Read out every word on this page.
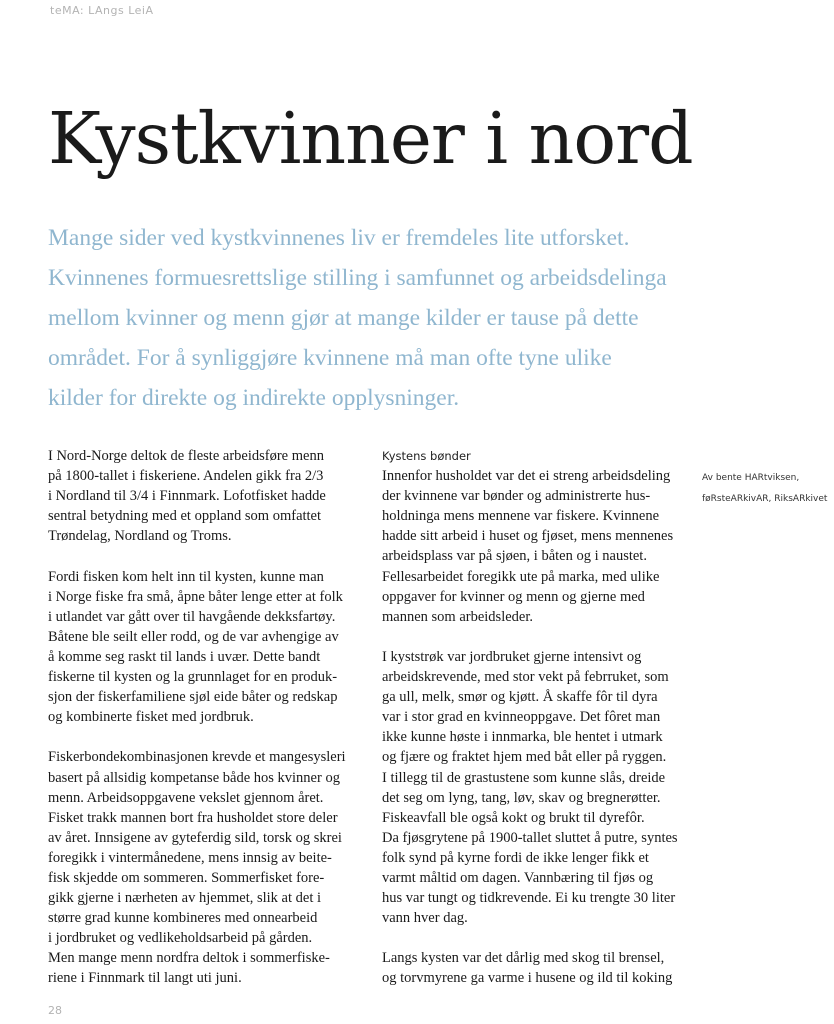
teMA: LAngs LeiA
Kystkvinner i nord
Mange sider ved kystkvinnenes liv er fremdeles lite utforsket.
Kvinnenes formuesrettslige stilling i samfunnet og arbeidsdelinga
mellom kvinner og menn gjør at mange kilder er tause på dette
området. For å synliggjøre kvinnene må man ofte tyne ulike
kilder for direkte og indirekte opplysninger.
I Nord-Norge deltok de fleste arbeidsføre menn
på 1800-tallet i fiskeriene. Andelen gikk fra 2/3
i Nordland til 3/4 i Finnmark. Lofotfisket hadde
sentral betydning med et oppland som omfattet
Trøndelag, Nordland og Troms.
Fordi fisken kom helt inn til kysten, kunne man
i Norge fiske fra små, åpne båter lenge etter at folk
i utlandet var gått over til havgående dekksfartøy.
Båtene ble seilt eller rodd, og de var avhengige av
å komme seg raskt til lands i uvær. Dette bandt
fiskerne til kysten og la grunnlaget for en produk-
sjon der fiskerfamiliene sjøl eide båter og redskap
og kombinerte fisket med jordbruk.
Fiskerbondekombinasjonen krevde et mangesysleri
basert på allsidig kompetanse både hos kvinner og
menn. Arbeidsoppgavene vekslet gjennom året.
Fisket trakk mannen bort fra husholdet store deler
av året. Innsigene av gyteferdig sild, torsk og skrei
foregikk i vintermånedene, mens innsig av beite-
fisk skjedde om sommeren. Sommerfisket fore-
gikk gjerne i nærheten av hjemmet, slik at det i
større grad kunne kombineres med onnearbeid
i jordbruket og vedlikeholdsarbeid på gården.
Men mange menn nordfra deltok i sommerfiske-
riene i Finnmark til langt uti juni.
Kystens bønder
Innenfor husholdet var det ei streng arbeidsdeling
der kvinnene var bønder og administrerte hus-
holdninga mens mennene var fiskere. Kvinnene
hadde sitt arbeid i huset og fjøset, mens mennenes
arbeidsplass var på sjøen, i båten og i naustet.
Fellesarbeidet foregikk ute på marka, med ulike
oppgaver for kvinner og menn og gjerne med
mannen som arbeidsleder.
I kyststrøk var jordbruket gjerne intensivt og
arbeidskrevende, med stor vekt på febrruket, som
ga ull, melk, smør og kjøtt. Å skaffe fôr til dyra
var i stor grad en kvinneoppgave. Det fôret man
ikke kunne høste i innmarka, ble hentet i utmark
og fjære og fraktet hjem med båt eller på ryggen.
I tillegg til de grastustene som kunne slås, dreide
det seg om lyng, tang, løv, skav og bregnerøtter.
Fiskeavfall ble også kokt og brukt til dyrefôr.
Da fjøsgrytene på 1900-tallet sluttet å putre, syntes
folk synd på kyrne fordi de ikke lenger fikk et
varmt måltid om dagen. Vannbæring til fjøs og
hus var tungt og tidkrevende. Ei ku trengte 30 liter
vann hver dag.
Langs kysten var det dårlig med skog til brensel,
og torvmyrene ga varme i husene og ild til koking
Av bente HARtviksen,
føRsteARkivAR, RiksARkivet
28
